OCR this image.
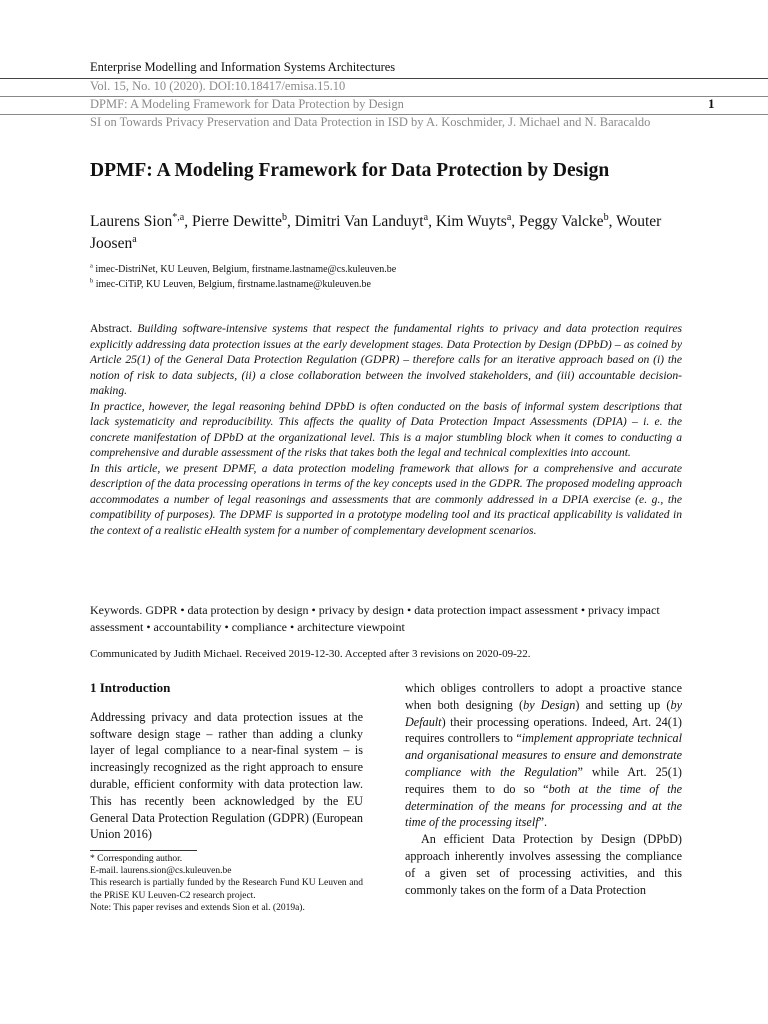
Enterprise Modelling and Information Systems Architectures
Vol. 15, No. 10 (2020). DOI:10.18417/emisa.15.10
DPMF: A Modeling Framework for Data Protection by Design	1
SI on Towards Privacy Preservation and Data Protection in ISD by A. Koschmider, J. Michael and N. Baracaldo
DPMF: A Modeling Framework for Data Protection by Design
Laurens Sion$^{*,a}$, Pierre Dewitte$^b$, Dimitri Van Landuyt$^a$, Kim Wuyts$^a$, Peggy Valcke$^b$, Wouter Joosen$^a$
$^a$ imec-DistriNet, KU Leuven, Belgium, firstname.lastname@cs.kuleuven.be
$^b$ imec-CiTiP, KU Leuven, Belgium, firstname.lastname@kuleuven.be

Abstract. Building software-intensive systems that respect the fundamental rights to privacy and data protection requires explicitly addressing data protection issues at the early development stages. Data Protection by Design (DPbD) – as coined by Article 25(1) of the General Data Protection Regulation (GDPR) – therefore calls for an iterative approach based on (i) the notion of risk to data subjects, (ii) a close collaboration between the involved stakeholders, and (iii) accountable decision-making.

In practice, however, the legal reasoning behind DPbD is often conducted on the basis of informal system descriptions that lack systematicity and reproducibility. This affects the quality of Data Protection Impact Assessments (DPIA) – i. e. the concrete manifestation of DPbD at the organizational level. This is a major stumbling block when it comes to conducting a comprehensive and durable assessment of the risks that takes both the legal and technical complexities into account.

In this article, we present DPMF, a data protection modeling framework that allows for a comprehensive and accurate description of the data processing operations in terms of the key concepts used in the GDPR. The proposed modeling approach accommodates a number of legal reasonings and assessments that are commonly addressed in a DPIA exercise (e. g., the compatibility of purposes). The DPMF is supported in a prototype modeling tool and its practical applicability is validated in the context of a realistic eHealth system for a number of complementary development scenarios.

Keywords. GDPR • data protection by design • privacy by design • data protection impact assessment • privacy impact assessment • accountability • compliance • architecture viewpoint
Communicated by Judith Michael. Received 2019-12-30. Accepted after 3 revisions on 2020-09-22.
1 Introduction

Addressing privacy and data protection issues at the software design stage – rather than adding a clunky layer of legal compliance to a near-final system – is increasingly recognized as the right approach to ensure durable, efficient conformity with data protection law. This has recently been acknowledged by the EU General Data Protection Regulation (GDPR) (European Union 2016)

which obliges controllers to adopt a proactive stance when both designing (by Design) and setting up (by Default) their processing operations. Indeed, Art. 24(1) requires controllers to “implement appropriate technical and organisational measures to ensure and demonstrate compliance with the Regulation” while Art. 25(1) requires them to do so “both at the time of the determination of the means for processing and at the time of the processing itself”.

An efficient Data Protection by Design (DPbD) approach inherently involves assessing the compliance of a given set of processing activities, and this commonly takes on the form of a Data Protection

* Corresponding author.
E-mail. laurens.sion@cs.kuleuven.be
This research is partially funded by the Research Fund KU Leuven and the PRiSE KU Leuven-C2 research project.
Note: This paper revises and extends Sion et al. (2019a).
